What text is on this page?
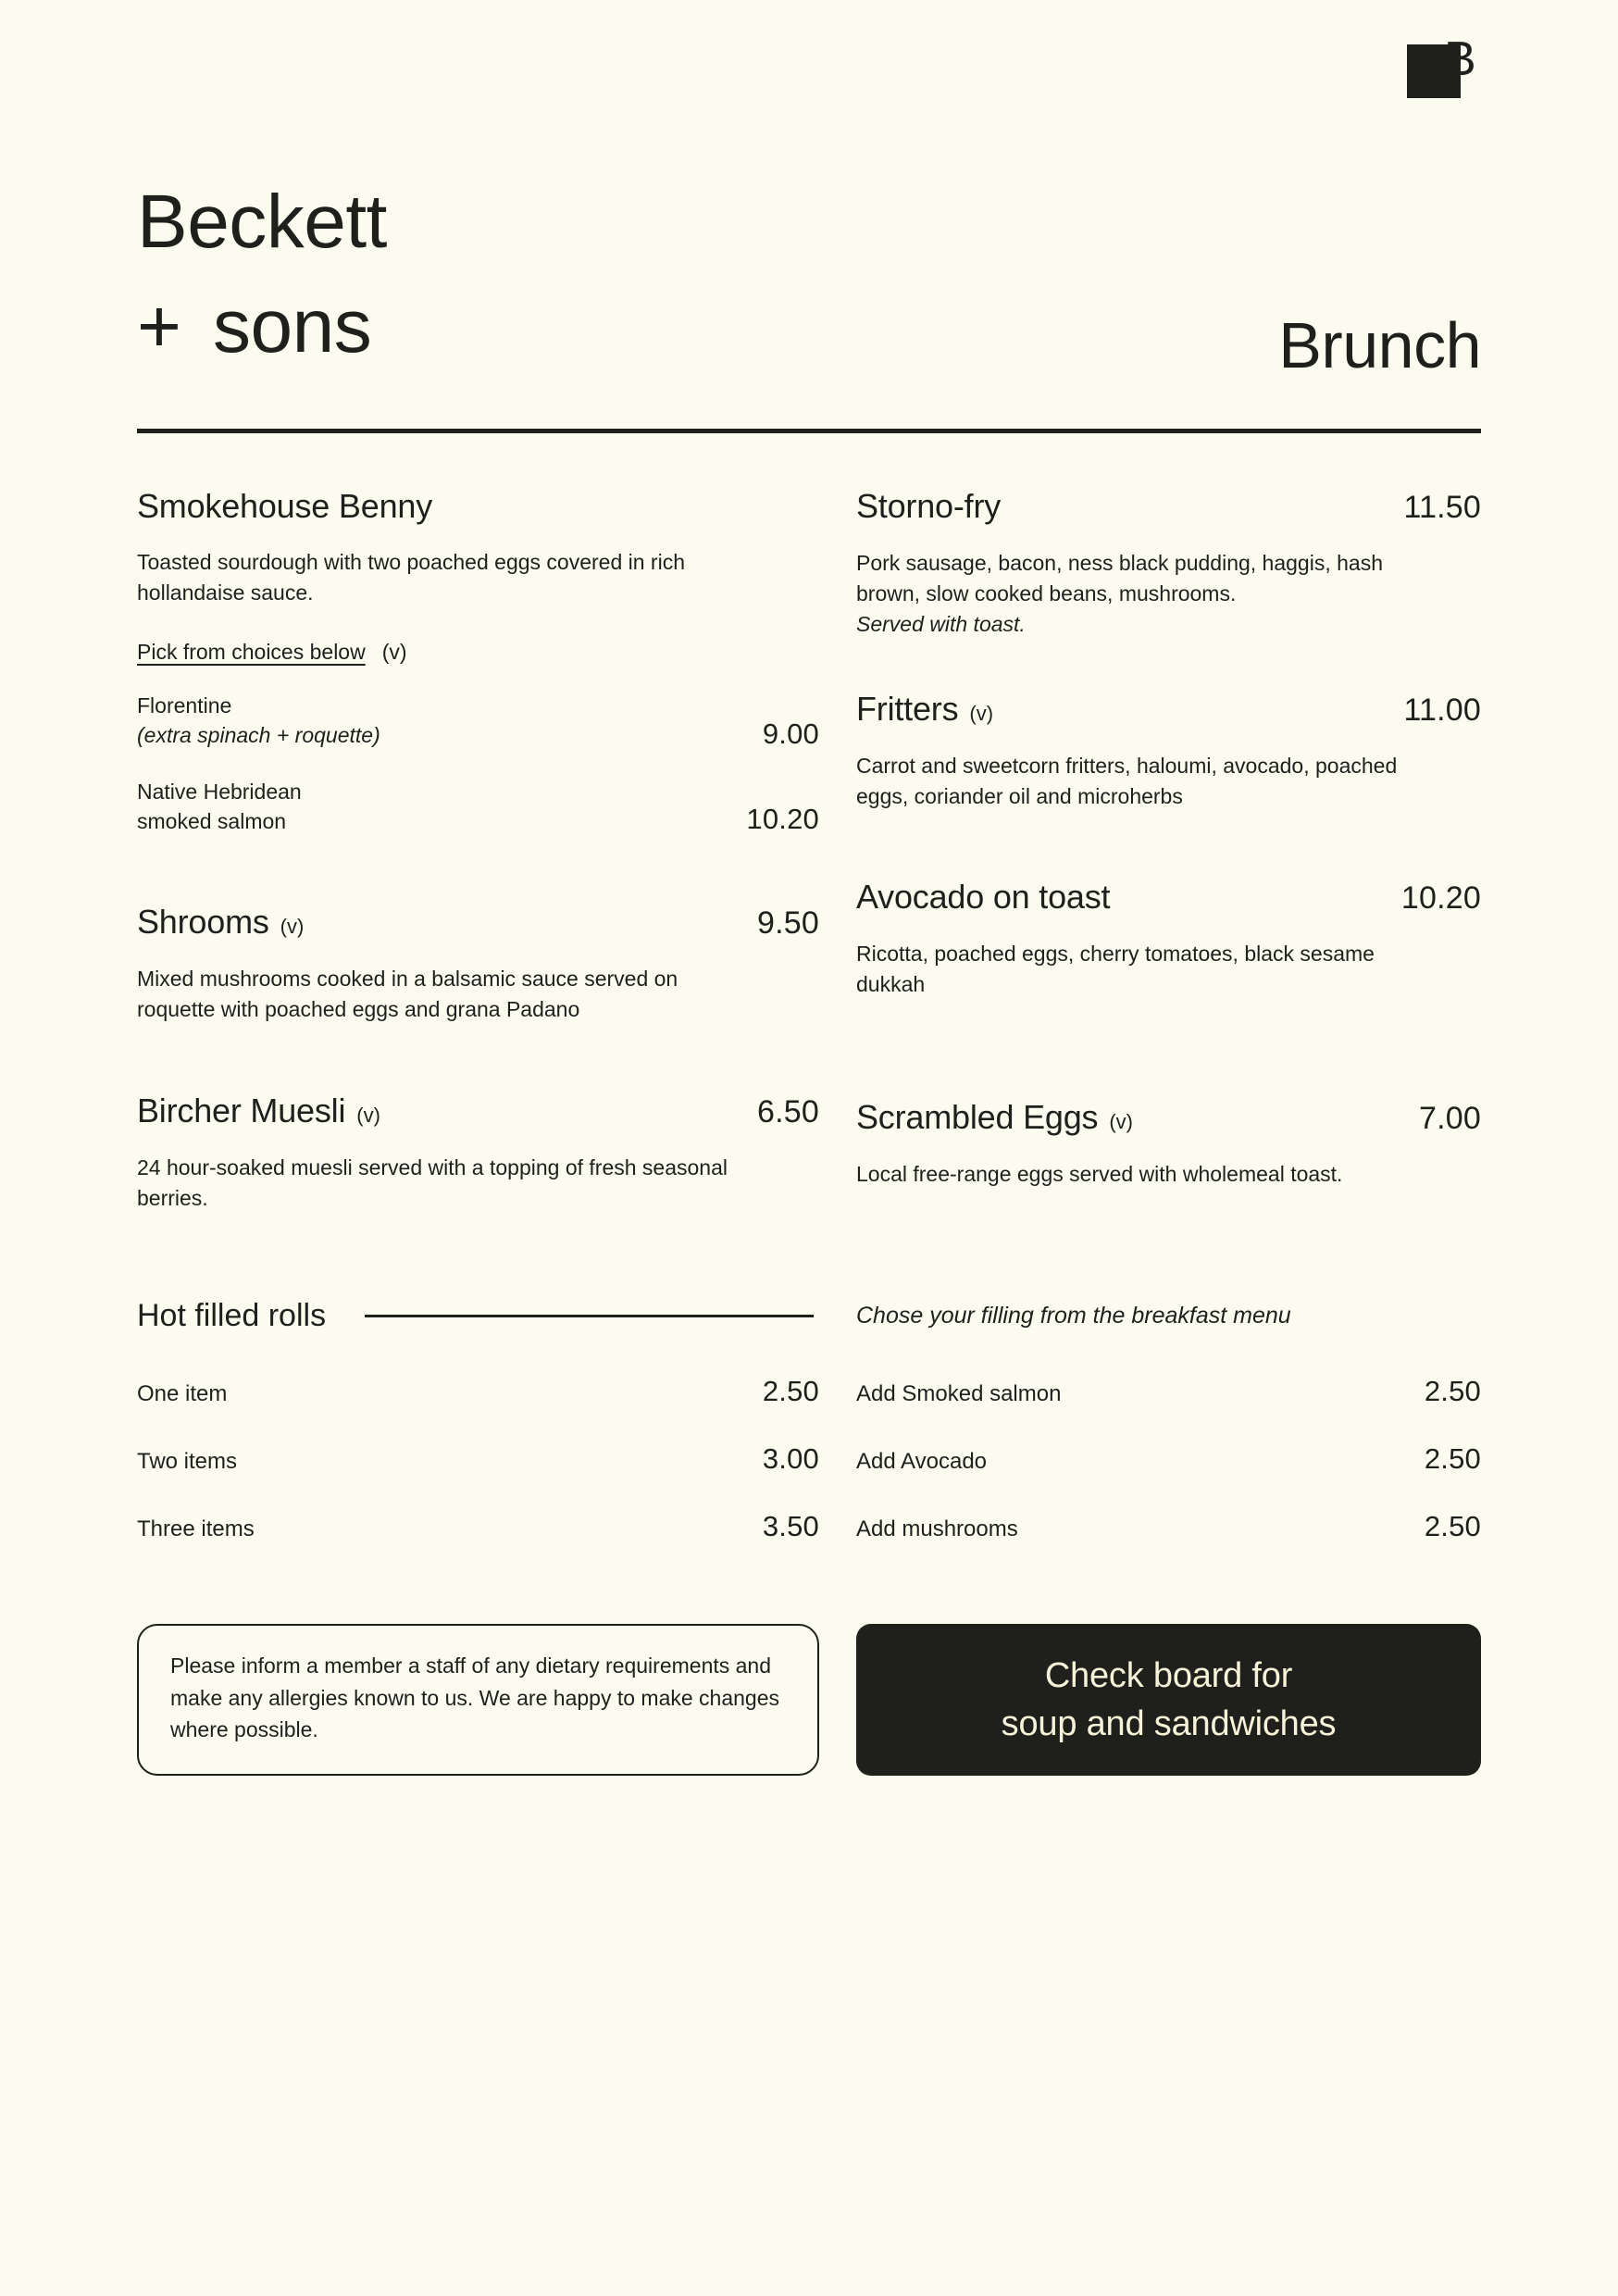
B
Beckett
+ sons	Brunch
Smokehouse Benny
Toasted sourdough with two poached eggs covered in rich hollandaise sauce.
Pick from choices below (v)
Florentine
(extra spinach + roquette)	9.00
Native Hebridean
smoked salmon	10.20
Shrooms (v)	9.50
Mixed mushrooms cooked in a balsamic sauce served on roquette with poached eggs and grana Padano
Bircher Muesli (v)	6.50
24 hour-soaked muesli served with a topping of fresh seasonal berries.
Storno-fry	11.50
Pork sausage, bacon, ness black pudding, haggis, hash brown, slow cooked beans, mushrooms.
Served with toast.
Fritters (v)	11.00
Carrot and sweetcorn fritters, haloumi, avocado, poached eggs, coriander oil and microherbs
Avocado on toast	10.20
Ricotta, poached eggs, cherry tomatoes, black sesame dukkah
Scrambled Eggs (v)	7.00
Local free-range eggs served with wholemeal toast.
Hot filled rolls	Chose your filling from the breakfast menu
One item	2.50
Two items	3.00
Three items	3.50
Add Smoked salmon	2.50
Add Avocado	2.50
Add mushrooms	2.50
Please inform a member a staff of any dietary requirements and make any allergies known to us. We are happy to make changes where possible.
Check board for
soup and sandwiches
